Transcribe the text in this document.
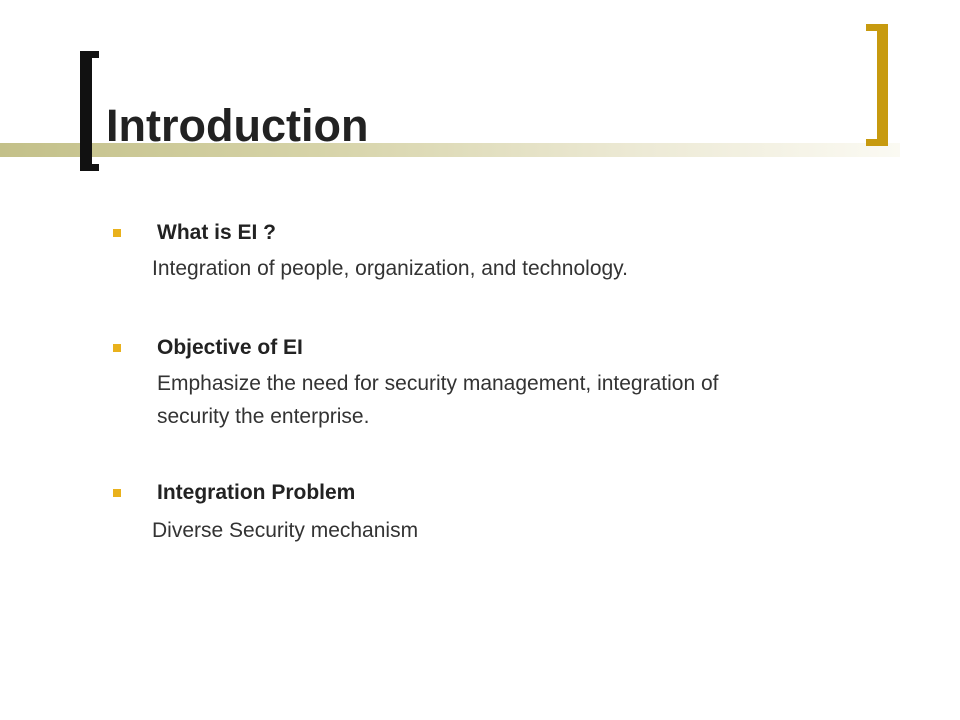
Introduction
What is EI ?
Integration of people, organization, and technology.
Objective of EI
Emphasize the need for security management, integration of
security the enterprise.
Integration Problem
Diverse Security mechanism
